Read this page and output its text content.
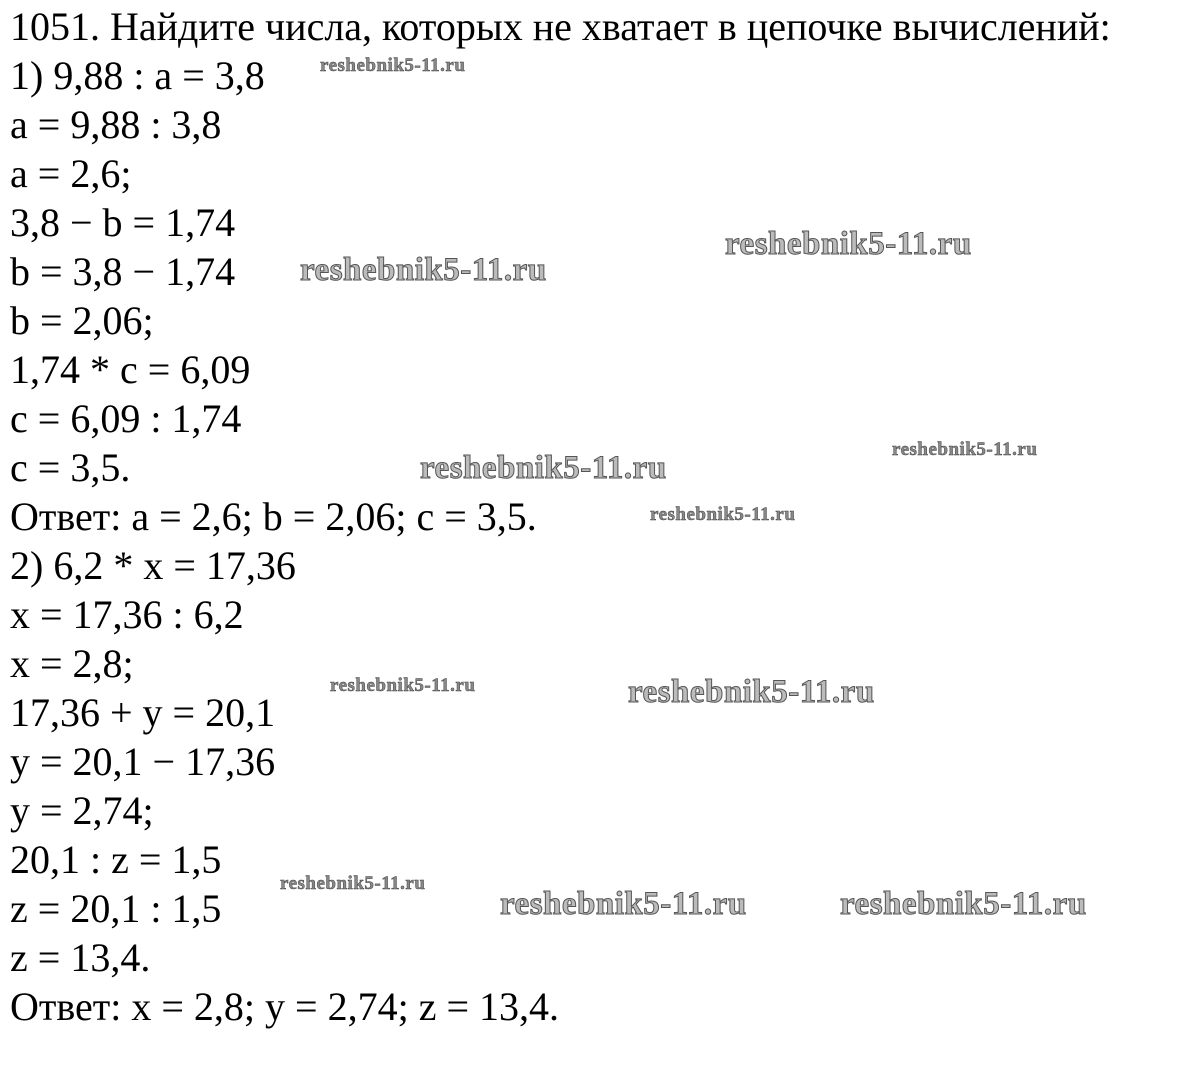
1051. Найдите числа, которых не хватает в цепочке вычислений:
1) 9,88 : a = 3,8
a = 9,88 : 3,8
a = 2,6;
3,8 − b = 1,74
b = 3,8 − 1,74
b = 2,06;
1,74 * c = 6,09
c = 6,09 : 1,74
c = 3,5.
Ответ: a = 2,6; b = 2,06; c = 3,5.
2) 6,2 * x = 17,36
x = 17,36 : 6,2
x = 2,8;
17,36 + y = 20,1
y = 20,1 − 17,36
y = 2,74;
20,1 : z = 1,5
z = 20,1 : 1,5
z = 13,4.
Ответ: x = 2,8; y = 2,74; z = 13,4.
reshebnik5-11.ru
reshebnik5-11.ru
reshebnik5-11.ru
reshebnik5-11.ru
reshebnik5-11.ru	reshebnik5-11.ru
reshebnik5-11.ru
reshebnik5-11.ru
reshebnik5-11.ru
reshebnik5-11.ru
reshebnik5-11.ru
